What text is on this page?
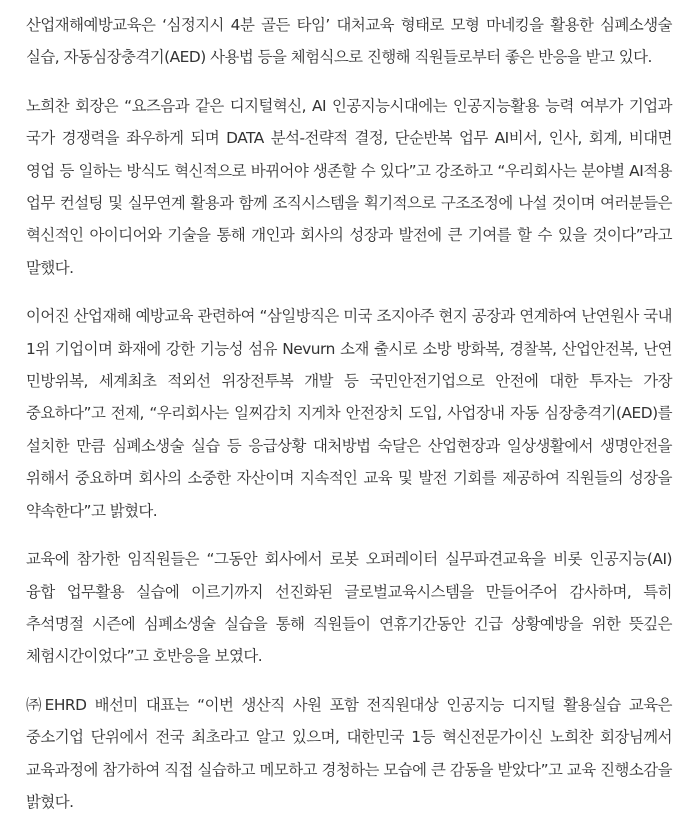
산업재해예방교육은 ‘심정지시 4분 골든 타임’ 대처교육 형태로 모형 마네킹을 활용한 심폐소생술 실습, 자동심장충격기(AED) 사용법 등을 체험식으로 진행해 직원들로부터 좋은 반응을 받고 있다.

노희찬 회장은 “요즈음과 같은 디지털혁신, AI 인공지능시대에는 인공지능활용 능력 여부가 기업과 국가 경쟁력을 좌우하게 되며 DATA 분석-전략적 결정, 단순반복 업무 AI비서, 인사, 회계, 비대면 영업 등 일하는 방식도 혁신적으로 바뀌어야 생존할 수 있다”고 강조하고 “우리회사는 분야별 AI적용 업무 컨설팅 및 실무연계 활용과 함께 조직시스템을 획기적으로 구조조정에 나설 것이며 여러분들은 혁신적인 아이디어와 기술을 통해 개인과 회사의 성장과 발전에 큰 기여를 할 수 있을 것이다”라고 말했다.

이어진 산업재해 예방교육 관련하여 “삼일방직은 미국 조지아주 현지 공장과 연계하여 난연원사 국내 1위 기업이며 화재에 강한 기능성 섬유 Nevurn 소재 출시로 소방 방화복, 경찰복, 산업안전복, 난연 민방위복, 세계최초 적외선 위장전투복 개발 등 국민안전기업으로 안전에 대한 투자는 가장 중요하다”고 전제, “우리회사는 일찌감치 지게차 안전장치 도입, 사업장내 자동 심장충격기(AED)를 설치한 만큼 심폐소생술 실습 등 응급상황 대처방법 숙달은 산업현장과 일상생활에서 생명안전을 위해서 중요하며 회사의 소중한 자산이며 지속적인 교육 및 발전 기회를 제공하여 직원들의 성장을 약속한다”고 밝혔다.

교육에 참가한 임직원들은 “그동안 회사에서 로봇 오퍼레이터 실무파견교육을 비롯 인공지능(AI)융합 업무활용 실습에 이르기까지 선진화된 글로벌교육시스템을 만들어주어 감사하며, 특히 추석명절 시즌에 심폐소생술 실습을 통해 직원들이 연휴기간동안 긴급 상황예방을 위한 뜻깊은 체험시간이었다”고 호반응을 보였다.

㈜EHRD 배선미 대표는 “이번 생산직 사원 포함 전직원대상 인공지능 디지털 활용실습 교육은 중소기업 단위에서 전국 최초라고 알고 있으며, 대한민국 1등 혁신전문가이신 노희찬 회장님께서 교육과정에 참가하여 직접 실습하고 메모하고 경청하는 모습에 큰 감동을 받았다”고 교육 진행소감을 밝혔다.
